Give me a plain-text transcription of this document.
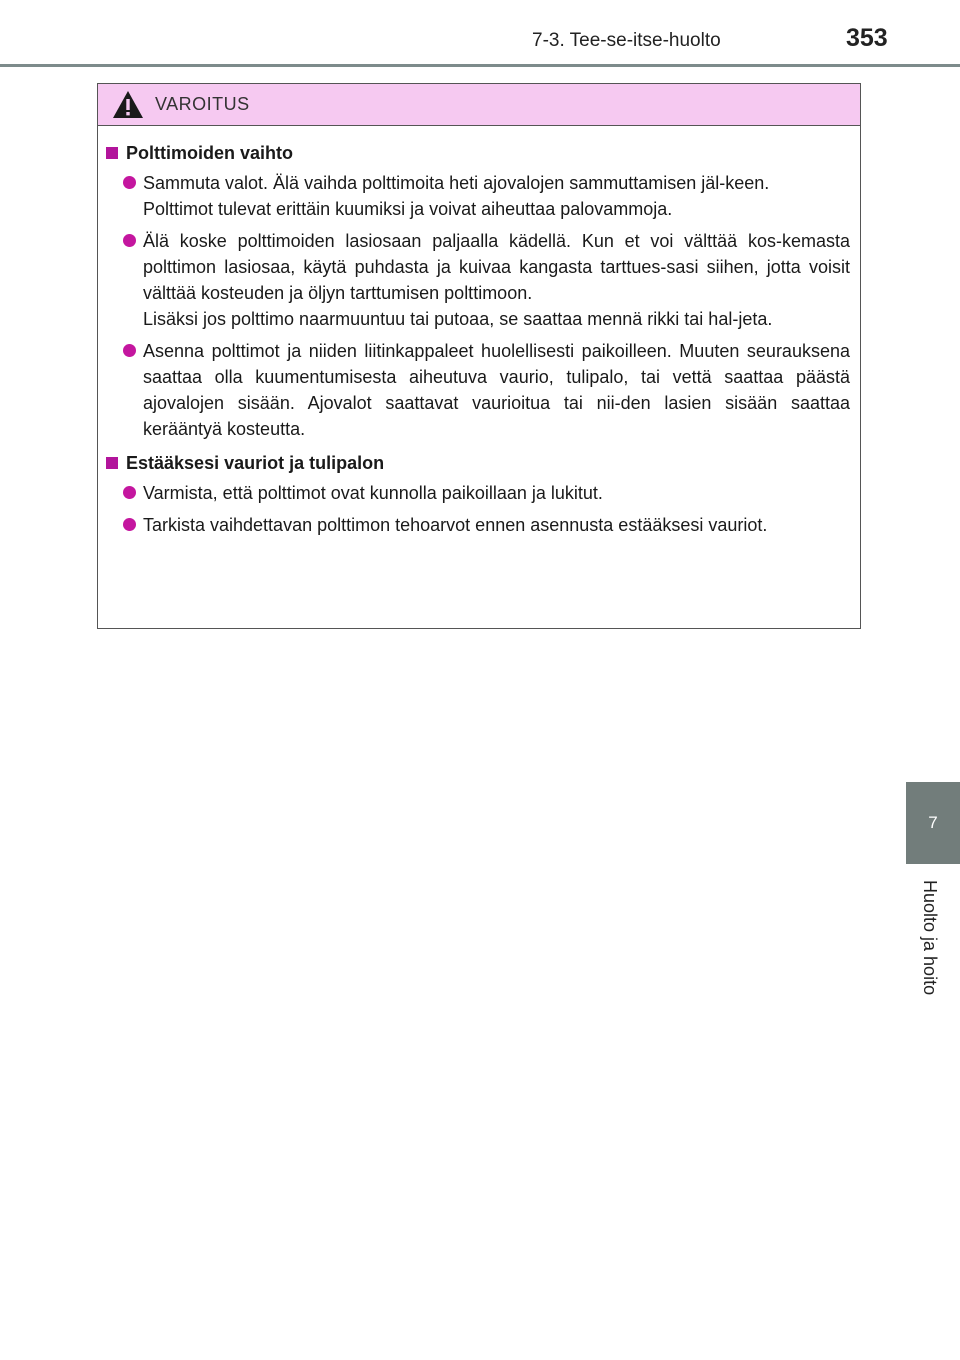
7-3. Tee-se-itse-huolto	353
VAROITUS
Polttimoiden vaihto

Sammuta valot. Älä vaihda polttimoita heti ajovalojen sammuttamisen jäl-keen.

Polttimot tulevat erittäin kuumiksi ja voivat aiheuttaa palovammoja.

Älä koske polttimoiden lasiosaan paljaalla kädellä. Kun et voi välttää kos-kemasta polttimon lasiosaa, käytä puhdasta ja kuivaa kangasta tarttues-sasi siihen, jotta voisit välttää kosteuden ja öljyn tarttumisen polttimoon.

Lisäksi jos polttimo naarmuuntuu tai putoaa, se saattaa mennä rikki tai hal-jeta.

Asenna polttimot ja niiden liitinkappaleet huolellisesti paikoilleen. Muuten seurauksena saattaa olla kuumentumisesta aiheutuva vaurio, tulipalo, tai vettä saattaa päästä ajovalojen sisään. Ajovalot saattavat vaurioitua tai nii-den lasien sisään saattaa kerääntyä kosteutta.

Estääksesi vauriot ja tulipalon

Varmista, että polttimot ovat kunnolla paikoillaan ja lukitut.

Tarkista vaihdettavan polttimon tehoarvot ennen asennusta estääksesi vauriot.

7
Huolto ja hoito
